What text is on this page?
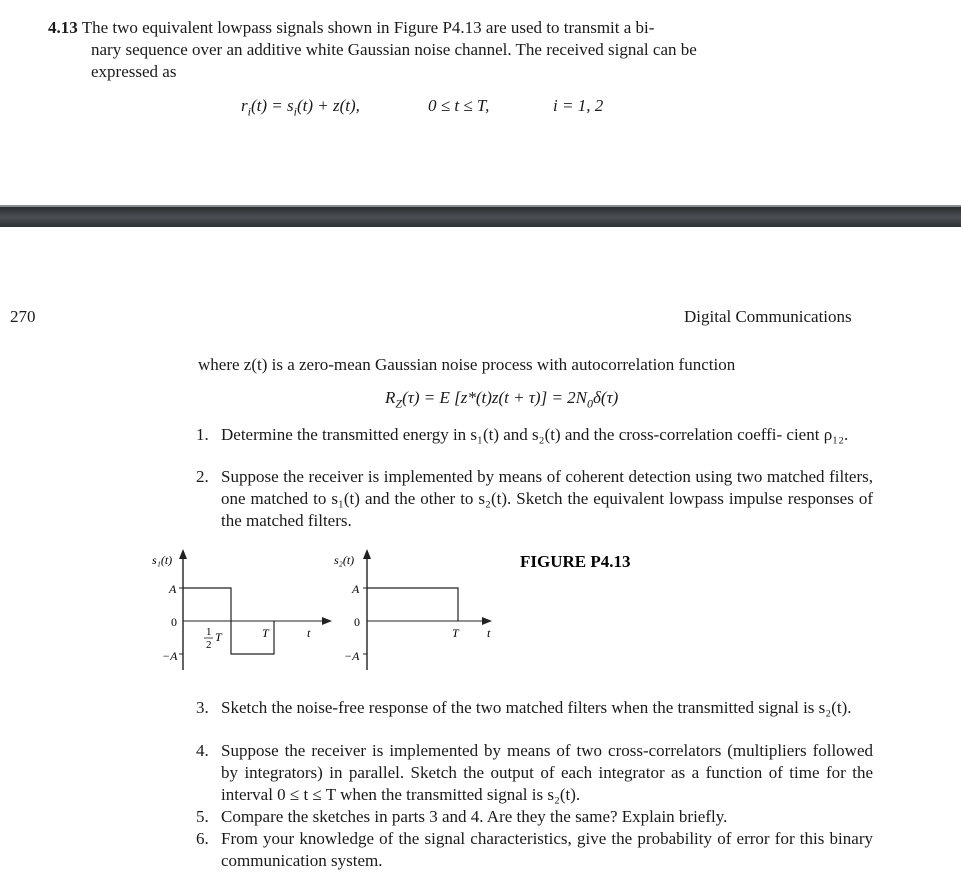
4.13 The two equivalent lowpass signals shown in Figure P4.13 are used to transmit a bi-
nary sequence over an additive white Gaussian noise channel. The received signal can be
expressed as
$r_i(t) = s_i(t) + z(t)$,	0 ≤ t ≤ T,	i = 1, 2
270	Digital Communications
where z(t) is a zero-mean Gaussian noise process with autocorrelation function
$R_Z(\tau) = E$ $[z*(t)z(t + \tau)] = 2N_0\delta(\tau)$
1. Determine the transmitted energy in s₁(t) and s₂(t) and the cross-correlation coeffi- cient ρ₁₂.
2. Suppose the receiver is implemented by means of coherent detection using two matched filters, one matched to s₁(t) and the other to s₂(t). Sketch the equivalent lowpass impulse responses of the matched filters.
s₁(t)
A
0
−A
1
2
T	T	t
s₂(t)
A
0
−A
T t
FIGURE P4.13
3. Sketch the noise-free response of the two matched filters when the transmitted signal is s₂(t).
4. Suppose the receiver is implemented by means of two cross-correlators (multipliers followed by integrators) in parallel. Sketch the output of each integrator as a function of time for the interval 0 ≤ t ≤ T when the transmitted signal is s₂(t).
5. Compare the sketches in parts 3 and 4. Are they the same? Explain briefly.
6. From your knowledge of the signal characteristics, give the probability of error for this binary communication system.
